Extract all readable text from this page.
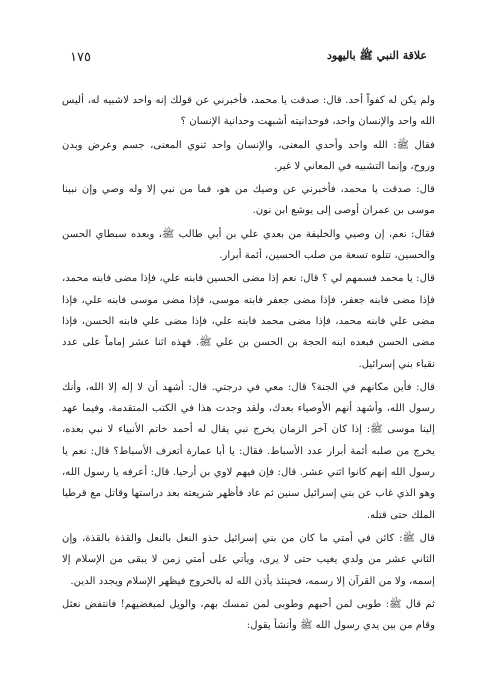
علاقة النبي ﷺ باليهود
١٧٥

ولم يكن له كفواً أحد. قال: صدقت يا محمد، فأخبرني عن قولك إنه واحد لاشبيه له، أليس الله واحد والإنسان واحد، فوحدانيته أشبهت وحدانية الإنسان ؟

فقال ﷺ: الله واحد وأحدي المعنى، والإنسان واحد ثنوي المعنى، جسم وعرض وبدن وروح، وإنما التشبيه في المعاني لا غير.

قال: صدقت يا محمد، فأخبرني عن وصيك من هو، فما من نبي إلا وله وصي وإن نبينا موسى بن عمران أوصى إلى يوشع ابن نون.

فقال: نعم، إن وصيي والخليفة من بعدي علي بن أبي طالب ﷺ، وبعده سبطاي الحسن والحسين، تتلوه تسعة من صلب الحسين، أئمة أبرار.

قال: يا محمد فسمهم لي ؟ قال: نعم إذا مضى الحسين فابنه علي، فإذا مضى فابنه محمد، فإذا مضى فابنه جعفر، فإذا مضى جعفر فابنه موسى، فإذا مضى موسى فابنه علي، فإذا مضى علي فابنه محمد، فإذا مضى محمد فابنه علي، فإذا مضى علي فابنه الحسن، فإذا مضى الحسن فبعده ابنه الحجة بن الحسن بن علي ﷺ. فهذه اثنا عشر إماماً على عدد نقباء بني إسرائيل.

قال: فأين مكانهم في الجنة؟ قال: معي في درجتي. قال: أشهد أن لا إله إلا الله، وأنك رسول الله، وأشهد أنهم الأوصياء بعدك، ولقد وجدت هذا في الكتب المتقدمة، وفيما عهد إلينا موسى ﷺ: إذا كان آخر الزمان يخرج نبي يقال له أحمد خاتم الأنبياء لا نبي بعده، يخرج من صلبه أئمة أبرار عدد الأسباط. فقال: يا أبا عمارة أتعرف الأسباط؟ قال: نعم يا رسول الله إنهم كانوا اثني عشر. قال: فإن فيهم لاوي بن أرحيا. قال: أعرفه يا رسول الله، وهو الذي غاب عن بني إسرائيل سنين ثم عاد فأظهر شريعته بعد دراستها وقاتل مع قرطيا الملك حتى قتله.

قال ﷺ: كائن في أمتي ما كان من بني إسرائيل حذو النعل بالنعل والقذة بالقذة، وإن الثاني عشر من ولدي يغيب حتى لا يرى، ويأتي على أمتي زمن لا يبقى من الإسلام إلا إسمه، ولا من القرآن إلا رسمه، فحينئذ يأذن الله له بالخروج فيظهر الإسلام ويجدد الدين.

ثم قال ﷺ: طوبى لمن أحبهم وطوبى لمن تمسك بهم، والويل لمبغضيهم! فانتفض نعثل وقام من بين يدي رسول الله ﷺ وأنشأ يقول:
